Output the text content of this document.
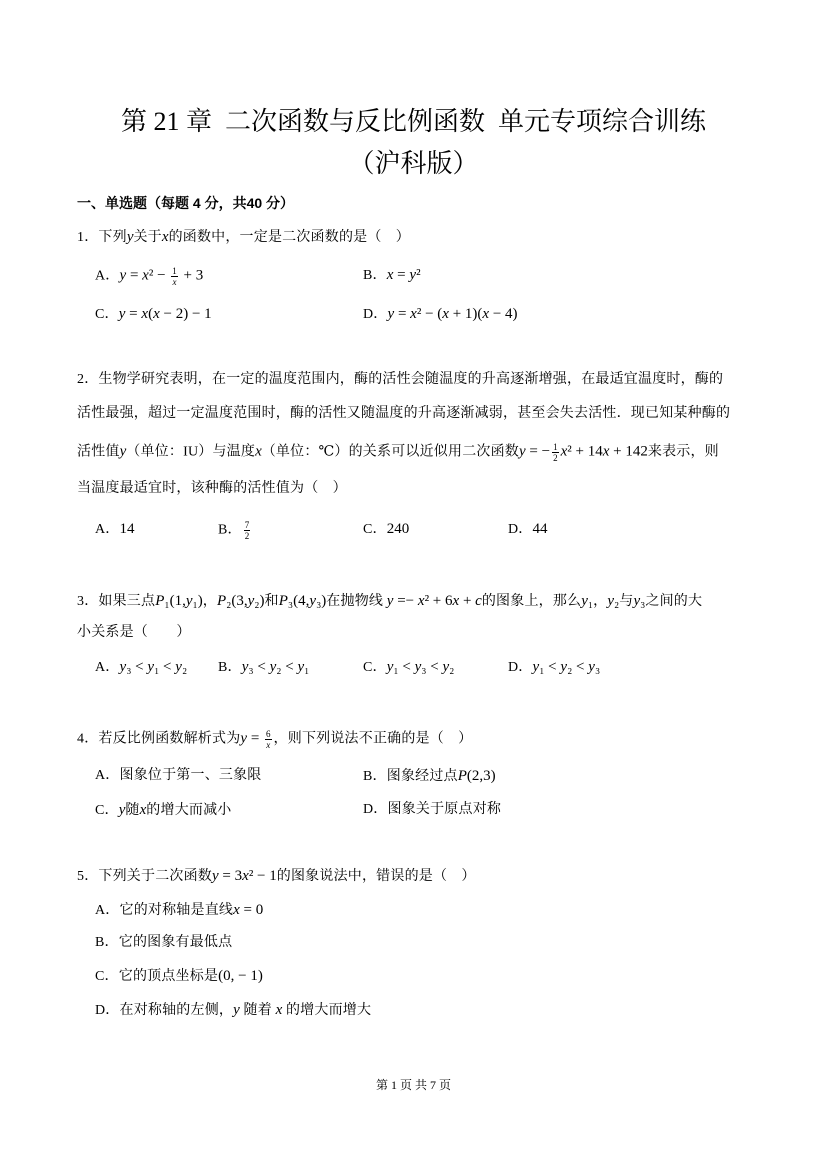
第 21 章  二次函数与反比例函数  单元专项综合训练
（沪科版）
一、单选题（每题 4 分，共40 分）
1．下列y关于x的函数中，一定是二次函数的是（　）
A．$y = x^2 - \frac{1}{x} + 3$	B．x = y²
C．y = x(x − 2) − 1	D．y = x² − (x + 1)(x − 4)
2．生物学研究表明，在一定的温度范围内，酶的活性会随温度的升高逐渐增强，在最适宜温度时，酶的
活性最强，超过一定温度范围时，酶的活性又随温度的升高逐渐减弱，甚至会失去活性．现已知某种酶的
活性值y（单位：IU）与温度x（单位：℃）的关系可以近似用二次函数y = − $\frac{1}{2} x^2 + 14x + 142$来表示，则
当温度最适宜时，该种酶的活性值为（　）
A．14	B． $\frac{7}{2}$	C．240	D．44
3．如果三点P₁(1,y₁)，P₂(3,y₂)和P₃(4,y₃)在抛物线 y =− x² + 6x + c的图象上，那么y₁，y₂与y₃之间的大
小关系是（　　）
A．y₃ < y₁ < y₂ B．y₃ < y₂ < y₁	C．y₁ < y₃ < y₂	D．y₁ < y₂ < y₃
4．若反比例函数解析式为$y = \frac{6}{x}$ ，则下列说法不正确的是（　）
A．图象位于第一、三象限	B．图象经过点P(2,3)
C．y随x的增大而减小	D．图象关于原点对称
5．下列关于二次函数y = 3x² − 1的图象说法中，错误的是（　）
A．它的对称轴是直线x = 0
B．它的图象有最低点
C．它的顶点坐标是(0, − 1)
D．在对称轴的左侧，y 随着 x 的增大而增大
第 1 页 共 7 页
